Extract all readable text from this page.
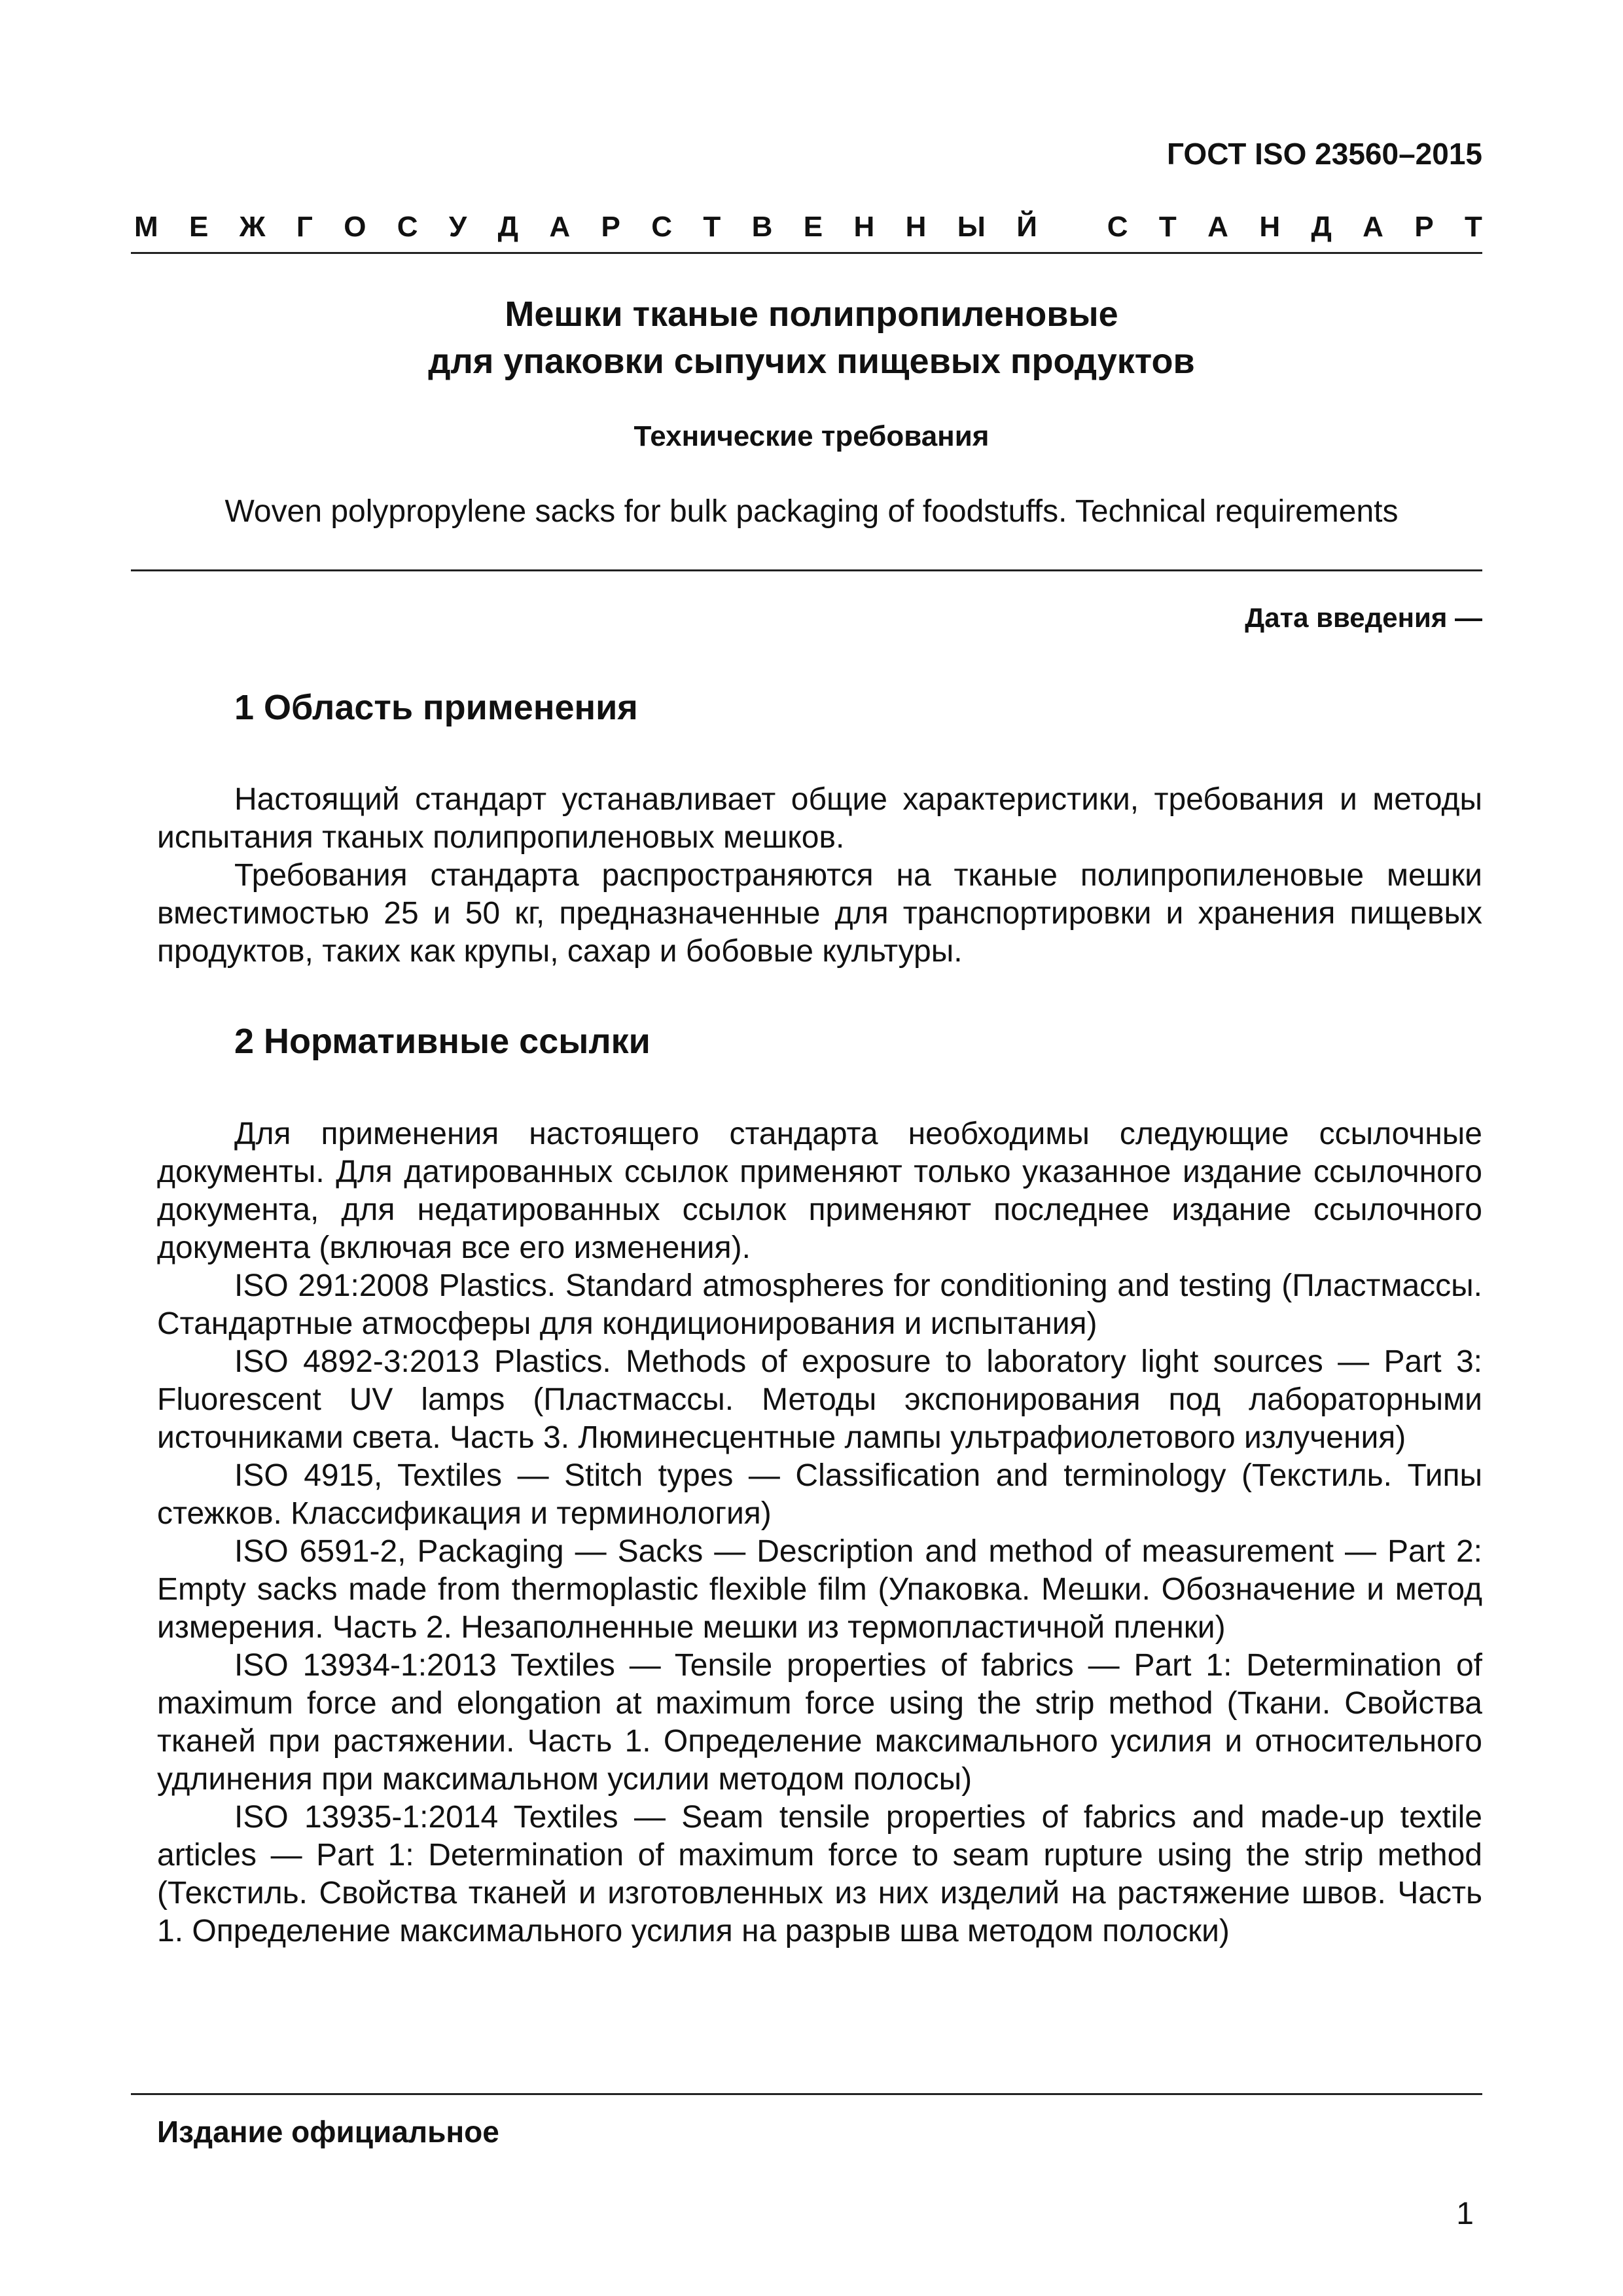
ГОСТ ISO 23560–2015
М Е Ж Г О С У Д А Р С Т В Е Н Н Ы Й
С Т А Н Д А Р Т
Мешки тканые полипропиленовые
для упаковки сыпучих пищевых продуктов
Технические требования
Woven polypropylene sacks for bulk packaging of foodstuffs. Technical requirements
Дата введения —
1 Область применения

Настоящий стандарт устанавливает общие характеристики, требования и методы испытания тканых полипропиленовых мешков.

Требования стандарта распространяются на тканые полипропиленовые мешки вместимостью 25 и 50 кг, предназначенные для транспортировки и хранения пищевых продуктов, таких как крупы, сахар и бобовые культуры.

2 Нормативные ссылки

Для применения настоящего стандарта необходимы следующие ссылочные документы. Для датированных ссылок применяют только указанное издание ссылочного документа, для недатированных ссылок применяют последнее издание ссылочного документа (включая все его изменения).

ISO 291:2008 Plastics. Standard atmospheres for conditioning and testing (Пластмассы. Стандартные атмосферы для кондиционирования и испытания)

ISO 4892-3:2013 Plastics. Methods of exposure to laboratory light sources — Part 3: Fluorescent UV lamps (Пластмассы. Методы экспонирования под лабораторными источниками света. Часть 3. Люминесцентные лампы ультрафиолетового излучения)

ISO 4915, Textiles — Stitch types — Classification and terminology (Текстиль. Типы стежков. Классификация и терминология)

ISO 6591-2, Packaging — Sacks — Description and method of measurement — Part 2: Empty sacks made from thermoplastic flexible film (Упаковка. Мешки. Обозначение и метод измерения. Часть 2. Незаполненные мешки из термопластичной пленки)

ISO 13934-1:2013 Textiles — Tensile properties of fabrics — Part 1: Determination of maximum force and elongation at maximum force using the strip method (Ткани. Свойства тканей при растяжении. Часть 1. Определение максимального усилия и относительного удлинения при максимальном усилии методом полосы)

ISO 13935-1:2014 Textiles — Seam tensile properties of fabrics and made-up textile articles — Part 1: Determination of maximum force to seam rupture using the strip method (Текстиль. Свойства тканей и изготовленных из них изделий на растяжение швов. Часть 1. Определение максимального усилия на разрыв шва методом полоски)

Издание официальное
1
